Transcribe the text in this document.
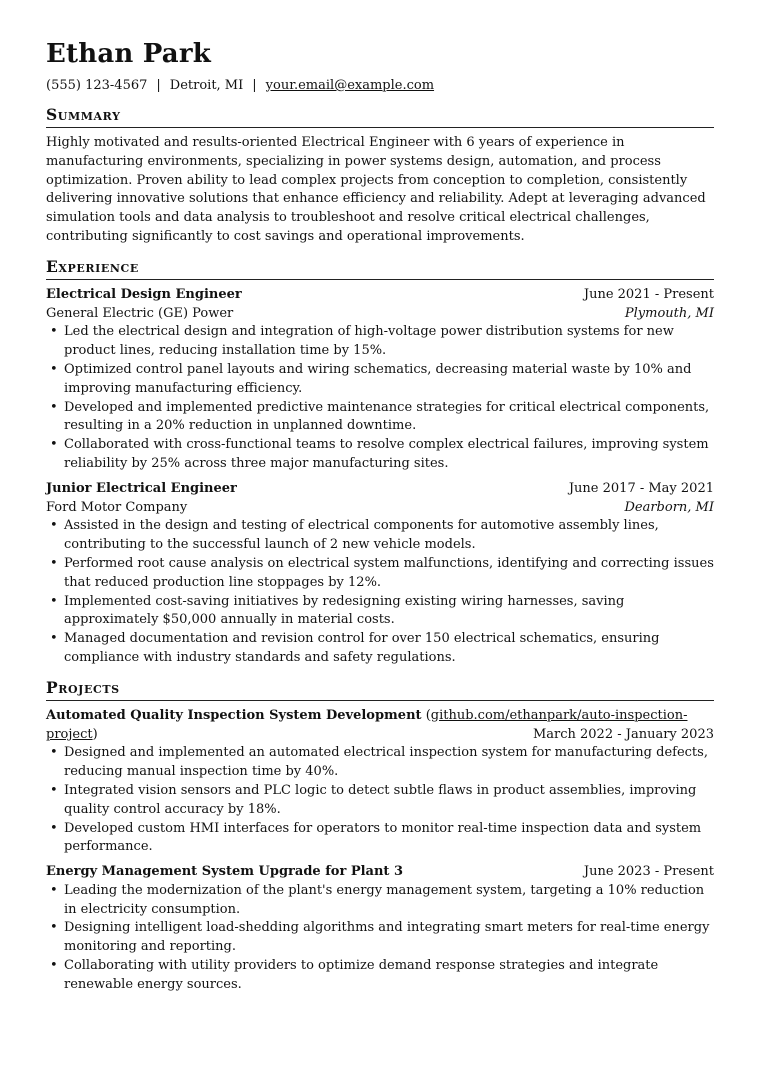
Ethan Park
(555) 123-4567 | Detroit, MI | your.email@example.com
Summary

Highly motivated and results-oriented Electrical Engineer with 6 years of experience in manufacturing environments, specializing in power systems design, automation, and process optimization. Proven ability to lead complex projects from conception to completion, consistently delivering innovative solutions that enhance efficiency and reliability. Adept at leveraging advanced simulation tools and data analysis to troubleshoot and resolve critical electrical challenges, contributing significantly to cost savings and operational improvements.

Experience
Electrical Design Engineer	June 2021 - Present
General Electric (GE) Power	Plymouth, MI
• Led the electrical design and integration of high-voltage power distribution systems for new product lines, reducing installation time by 15%.
• Optimized control panel layouts and wiring schematics, decreasing material waste by 10% and improving manufacturing efficiency.
• Developed and implemented predictive maintenance strategies for critical electrical components, resulting in a 20% reduction in unplanned downtime.
• Collaborated with cross-functional teams to resolve complex electrical failures, improving system reliability by 25% across three major manufacturing sites.
Junior Electrical Engineer	June 2017 - May 2021
Ford Motor Company	Dearborn, MI
• Assisted in the design and testing of electrical components for automotive assembly lines, contributing to the successful launch of 2 new vehicle models.
• Performed root cause analysis on electrical system malfunctions, identifying and correcting issues that reduced production line stoppages by 12%.
• Implemented cost-saving initiatives by redesigning existing wiring harnesses, saving approximately $50,000 annually in material costs.
• Managed documentation and revision control for over 150 electrical schematics, ensuring compliance with industry standards and safety regulations.
Projects
Automated Quality Inspection System Development (github.com/ethanpark/auto-inspection-project)	March 2022 - January 2023
• Designed and implemented an automated electrical inspection system for manufacturing defects, reducing manual inspection time by 40%.
• Integrated vision sensors and PLC logic to detect subtle flaws in product assemblies, improving quality control accuracy by 18%.
• Developed custom HMI interfaces for operators to monitor real-time inspection data and system performance.
Energy Management System Upgrade for Plant 3	June 2023 - Present
• Leading the modernization of the plant's energy management system, targeting a 10% reduction in electricity consumption.
• Designing intelligent load-shedding algorithms and integrating smart meters for real-time energy monitoring and reporting.
• Collaborating with utility providers to optimize demand response strategies and integrate renewable energy sources.
